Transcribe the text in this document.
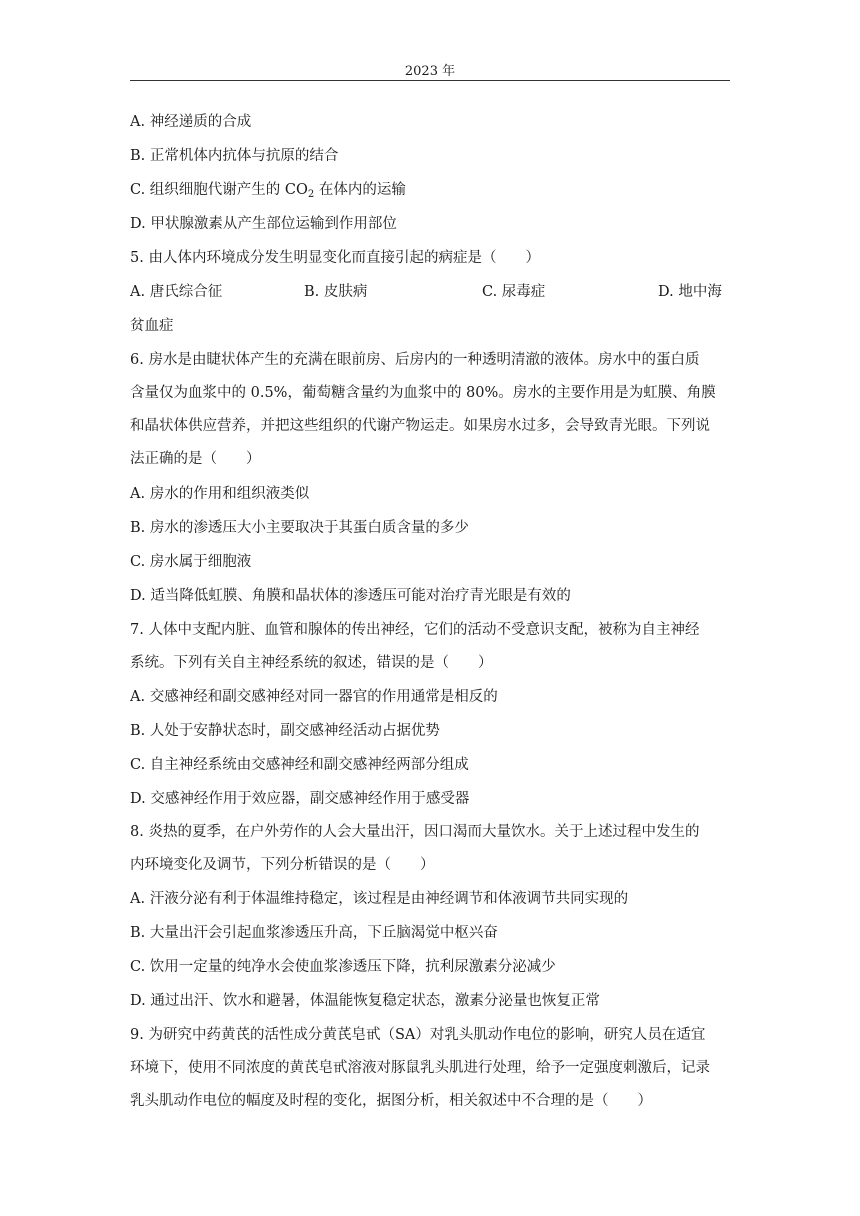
2023 年
A. 神经递质的合成
B. 正常机体内抗体与抗原的结合
C. 组织细胞代谢产生的 $CO_2$ 在体内的运输
D. 甲状腺激素从产生部位运输到作用部位
5. 由人体内环境成分发生明显变化而直接引起的病症是（　　）
A. 唐氏综合征	B. 皮肤病	C. 尿毒症	D. 地中海
贫血症
6. 房水是由睫状体产生的充满在眼前房、后房内的一种透明清澈的液体。房水中的蛋白质
含量仅为血浆中的 0.5%，葡萄糖含量约为血浆中的 80%。房水的主要作用是为虹膜、角膜
和晶状体供应营养，并把这些组织的代谢产物运走。如果房水过多，会导致青光眼。下列说
法正确的是（　　）
A. 房水的作用和组织液类似
B. 房水的渗透压大小主要取决于其蛋白质含量的多少
C. 房水属于细胞液
D. 适当降低虹膜、角膜和晶状体的渗透压可能对治疗青光眼是有效的
7. 人体中支配内脏、血管和腺体的传出神经，它们的活动不受意识支配，被称为自主神经
系统。下列有关自主神经系统的叙述，错误的是（　　）
A. 交感神经和副交感神经对同一器官的作用通常是相反的
B. 人处于安静状态时，副交感神经活动占据优势
C. 自主神经系统由交感神经和副交感神经两部分组成
D. 交感神经作用于效应器，副交感神经作用于感受器
8. 炎热的夏季，在户外劳作的人会大量出汗，因口渴而大量饮水。关于上述过程中发生的
内环境变化及调节，下列分析错误的是（　　）
A. 汗液分泌有利于体温维持稳定，该过程是由神经调节和体液调节共同实现的
B. 大量出汗会引起血浆渗透压升高，下丘脑渴觉中枢兴奋
C. 饮用一定量的纯净水会使血浆渗透压下降，抗利尿激素分泌减少
D. 通过出汗、饮水和避暑，体温能恢复稳定状态，激素分泌量也恢复正常
9. 为研究中药黄芪的活性成分黄芪皂甙（SA）对乳头肌动作电位的影响，研究人员在适宜
环境下，使用不同浓度的黄芪皂甙溶液对豚鼠乳头肌进行处理，给予一定强度刺激后，记录
乳头肌动作电位的幅度及时程的变化，据图分析，相关叙述中不合理的是（　　）
